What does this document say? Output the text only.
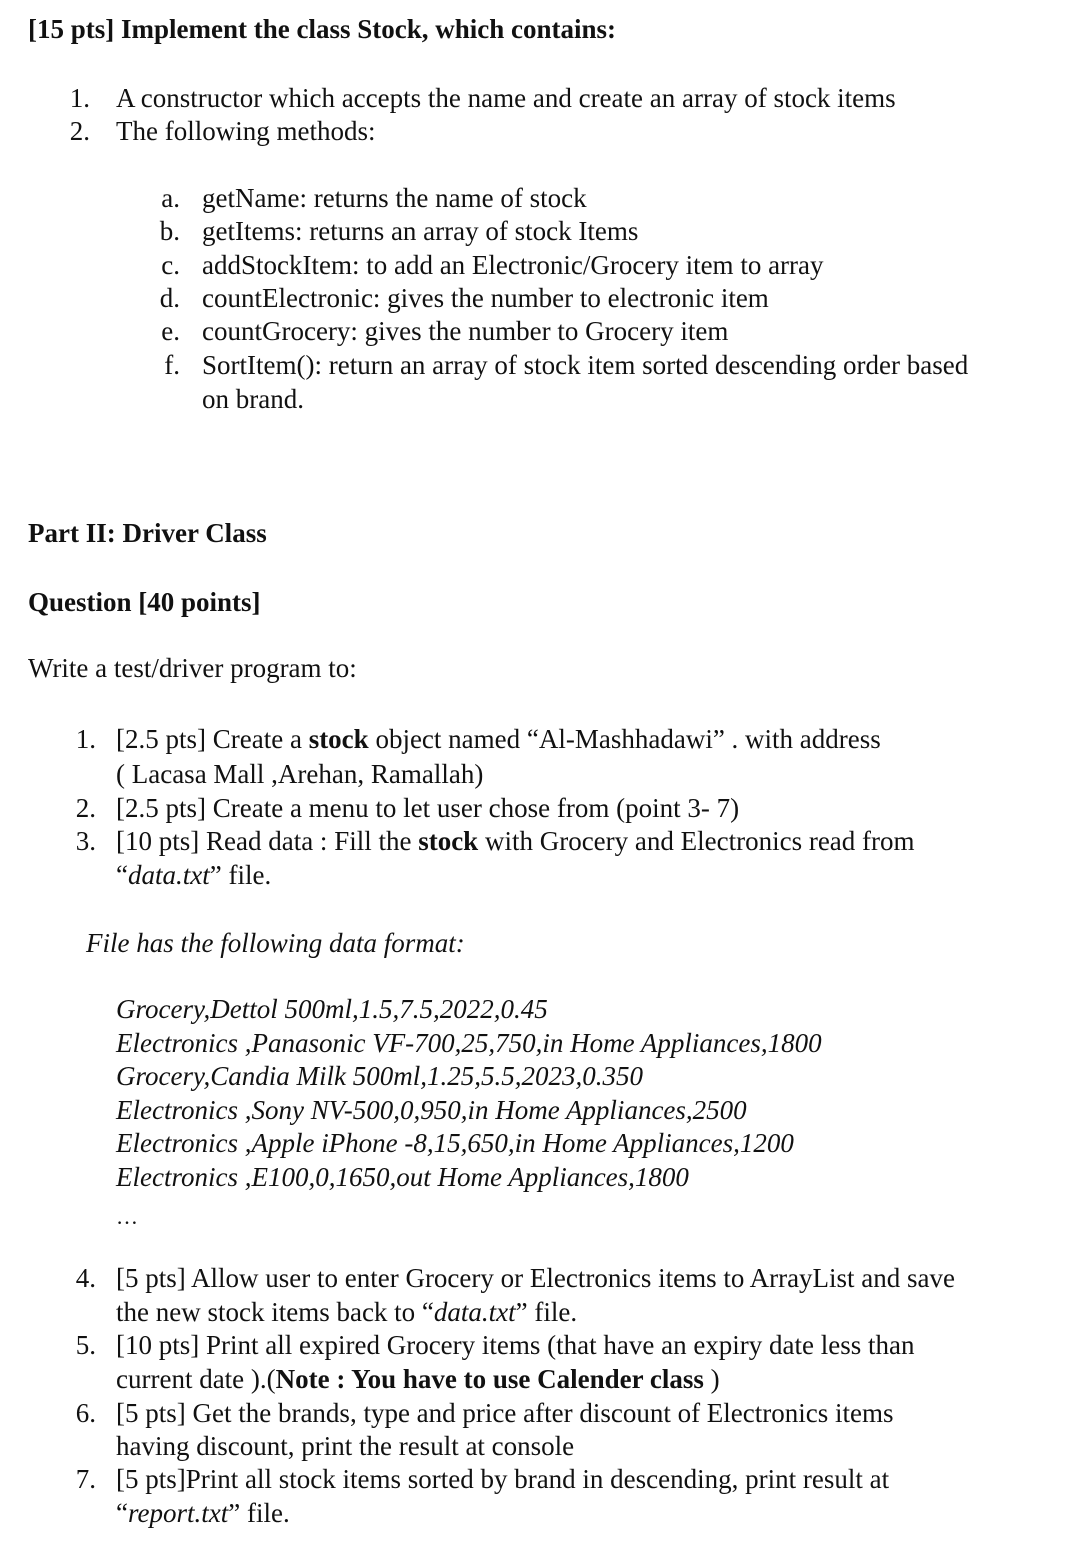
[15 pts] Implement the class Stock, which contains:
1. A constructor which accepts the name and create an array of stock items
2. The following methods:
a. getName: returns the name of stock
b. getItems: returns an array of stock Items
c. addStockItem: to add an Electronic/Grocery item to array
d. countElectronic: gives the number to electronic item
e. countGrocery: gives the number to Grocery item
f. SortItem(): return an array of stock item sorted descending order based
on brand.
Part II: Driver Class
Question [40 points]
Write a test/driver program to:
1. [2.5 pts] Create a stock object named “Al-Mashhadawi” . with address
( Lacasa Mall ,Arehan, Ramallah)
2. [2.5 pts] Create a menu to let user chose from (point 3- 7)
3. [10 pts] Read data : Fill the stock with Grocery and Electronics read from
“data.txt” file.
File has the following data format:
Grocery,Dettol 500ml,1.5,7.5,2022,0.45
Electronics ,Panasonic VF-700,25,750,in Home Appliances,1800
Grocery,Candia Milk 500ml,1.25,5.5,2023,0.350
Electronics ,Sony NV-500,0,950,in Home Appliances,2500
Electronics ,Apple iPhone -8,15,650,in Home Appliances,1200
Electronics ,E100,0,1650,out Home Appliances,1800
…
4. [5 pts] Allow user to enter Grocery or Electronics items to ArrayList and save
the new stock items back to “data.txt” file.
5. [10 pts] Print all expired Grocery items (that have an expiry date less than
current date ).(Note : You have to use Calender class )
6. [5 pts] Get the brands, type and price after discount of Electronics items
having discount, print the result at console
7. [5 pts]Print all stock items sorted by brand in descending, print result at
“report.txt” file.
